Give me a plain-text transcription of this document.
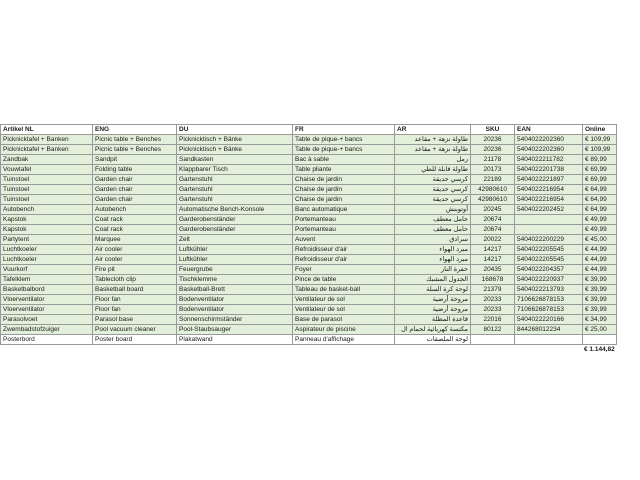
Artikel NL	ENG	DU	FR	AR	SKU	EAN	Online
Picknicktafel + Banken	Picnic table + Benches	Picknicktisch + Bänke	Table de pique-+ bancs	طاولة نزهة + مقاعد	20236	5404022202360	€ 109,99
Picknicktafel + Banken	Picnic table + Benches	Picknicktisch + Bänke	Table de pique-+ bancs	طاولة نزهة + مقاعد	20236	5404022202360	€ 109,99
Zandbak	Sandpit	Sandkasten	Bac à sable	رمل	21178	5404022211782	€ 89,99
Vouwtafel	Folding table	Klappbarer Tisch	Table pliante	طاولة قابلة للطي	20173	5404022201738	€ 69,99
Tuinstoel	Garden chair	Gartenstuhl	Chaise de jardin	كرسي حديقة	22189	5404022221897	€ 69,99
Tuinstoel	Garden chair	Gartenstuhl	Chaise de jardin	كرسي حديقة	42980610	5404022216954	€ 64,99
Tuinstoel	Garden chair	Gartenstuhl	Chaise de jardin	كرسي حديقة	42980610	5404022216954	€ 64,99
Autobench	Autobench	Automatische Bench-Konsole	Banc automatique	أوتوبنش	20245	5404022202452	€ 64,99
Kapstok	Coat rack	Garderobenständer	Portemanteau	حامل معطف	20674		€ 49,99
Kapstok	Coat rack	Garderobenständer	Portemanteau	حامل معطف	20674		€ 49,99
Partytent	Marquee	Zelt	Auvent	سرادق	20022	5404022200229	€ 45,00
Luchtkoeler	Air cooler	Luftkühler	Refroidisseur d'air	مبرد الهواء	14217	5404022205545	€ 44,99
Luchtkoeler	Air cooler	Luftkühler	Refroidisseur d'air	مبرد الهواء	14217	5404022205545	€ 44,99
Vuurkorf	Fire pit	Feuergrube	Foyer	حفرة النار	20435	5404022204357	€ 44,99
Tafelklem	Tablecloth clip	Tischklemme	Pince de table	الجدول المشبك	168678	5404022220937	€ 39,99
Basketbalbord	Basketball board	Basketball-Brett	Tableau de basket-ball	لوحة كرة السلة	21379	5404022213793	€ 39,99
Vloerventilator	Floor fan	Bodenventilator	Ventilateur de sol	مروحة أرضية	20233	7106626878153	€ 39,99
Vloerventilator	Floor fan	Bodenventilator	Ventilateur de sol	مروحة أرضية	20233	7106626878153	€ 39,99
Parasolvoet	Parasol base	Sonnenschirmständer	Base de parasol	قاعدة المظلة	22016	5404022220166	€ 34,99
Zwembadstofzuiger	Pool vacuum cleaner	Pool-Staubsauger	Aspirateur de piscine	مكنسة كهربائية لحمام ال	80122	844268012234	€ 25,00
Posterbord	Poster board	Plakatwand	Panneau d'affichage	لوحة الملصقات			
€ 1.144,82
